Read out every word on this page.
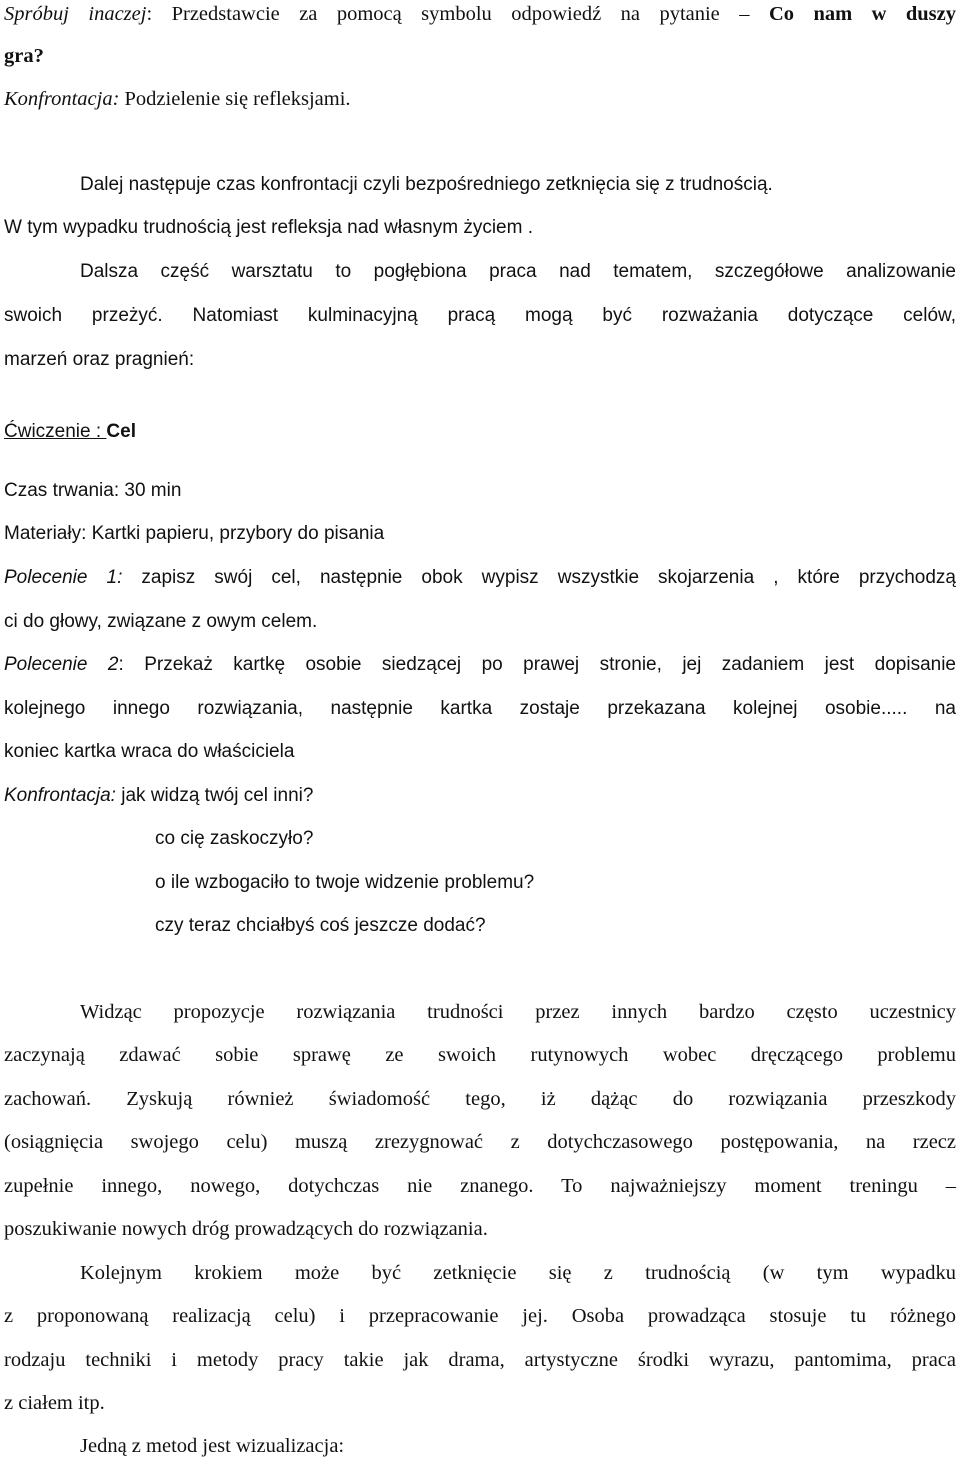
Spróbuj inaczej: Przedstawcie za pomocą symbolu odpowiedź na pytanie – Co nam w duszy

gra?

Konfrontacja: Podzielenie się refleksjami.

Dalej następuje czas konfrontacji czyli bezpośredniego zetknięcia się z trudnością.

W tym wypadku trudnością jest refleksja nad własnym życiem .

Dalsza część warsztatu to pogłębiona praca nad tematem, szczegółowe analizowanie

swoich przeżyć. Natomiast kulminacyjną pracą mogą być rozważania dotyczące celów,

marzeń oraz pragnień:

Ćwiczenie : Cel

Czas trwania: 30 min

Materiały: Kartki papieru, przybory do pisania

Polecenie 1: zapisz swój cel, następnie obok wypisz wszystkie skojarzenia , które przychodzą

ci do głowy, związane z owym celem.

Polecenie 2: Przekaż kartkę osobie siedzącej po prawej stronie, jej zadaniem jest dopisanie

kolejnego innego rozwiązania, następnie kartka zostaje przekazana kolejnej osobie..... na

koniec kartka wraca do właściciela

Konfrontacja: jak widzą twój cel inni?

co cię zaskoczyło?

o ile wzbogaciło to twoje widzenie problemu?

czy teraz chciałbyś coś jeszcze dodać?

Widząc propozycje rozwiązania trudności przez innych bardzo często uczestnicy

zaczynają zdawać sobie sprawę ze swoich rutynowych wobec dręczącego problemu

zachowań. Zyskują również świadomość tego, iż dążąc do rozwiązania przeszkody

(osiągnięcia swojego celu) muszą zrezygnować z dotychczasowego postępowania, na rzecz

zupełnie innego, nowego, dotychczas nie znanego. To najważniejszy moment treningu –

poszukiwanie nowych dróg prowadzących do rozwiązania.

Kolejnym krokiem może być zetknięcie się z trudnością (w tym wypadku

z proponowaną realizacją celu) i przepracowanie jej. Osoba prowadząca stosuje tu różnego

rodzaju techniki i metody pracy takie jak drama, artystyczne środki wyrazu, pantomima, praca

z ciałem itp.

Jedną z metod jest wizualizacja:
